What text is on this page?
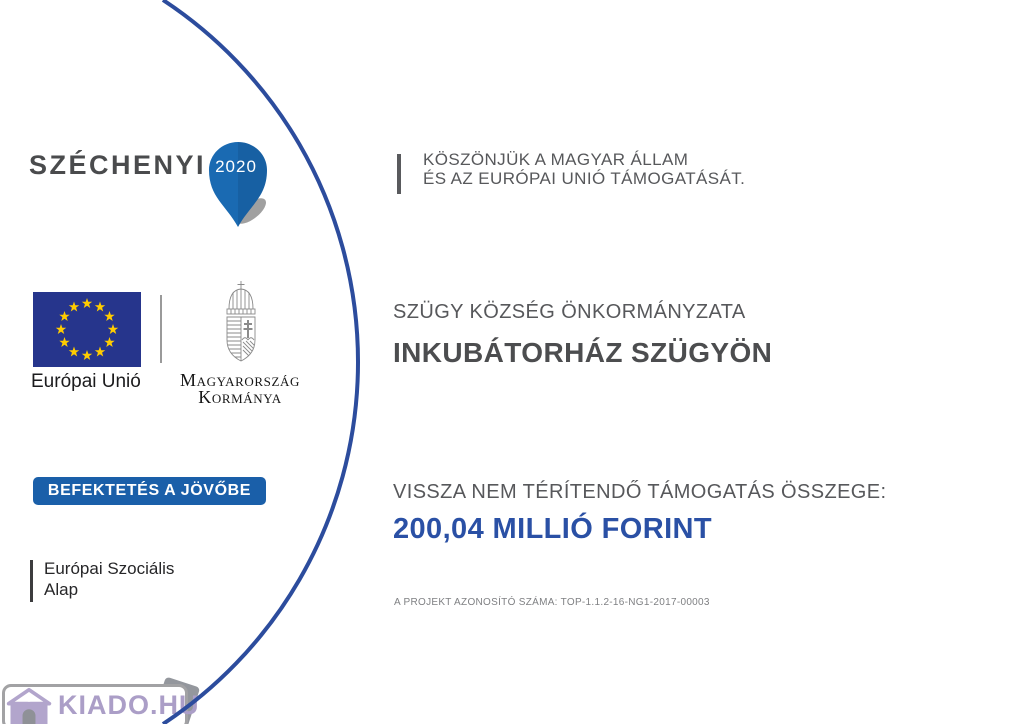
SZÉCHENYI 2020	KÖSZÖNJÜK A MAGYAR ÁLLAM
ÉS AZ EURÓPAI UNIÓ TÁMOGATÁSÁT.
Európai Unió	Magyarország
Kormánya
BEFEKTETÉS A JÖVŐBE
Európai Szociális
Alap
SZÜGY KÖZSÉG ÖNKORMÁNYZATA
INKUBÁTORHÁZ SZÜGYÖN
VISSZA NEM TÉRÍTENDŐ TÁMOGATÁS ÖSSZEGE:
200,04 MILLIÓ FORINT
A PROJEKT AZONOSÍTÓ SZÁMA: TOP-1.1.2-16-NG1-2017-00003
KIADO.HU
